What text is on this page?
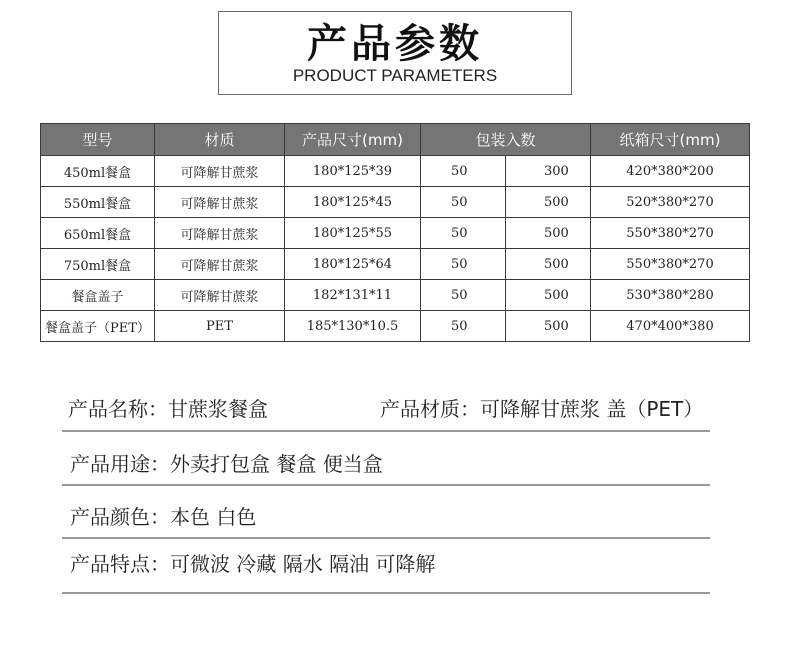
产品参数
PRODUCT PARAMETERS
型号	材质	产品尺寸(mm)	包装入数		纸箱尺寸(mm)
450ml餐盒	可降解甘蔗浆	180*125*39	50	300	420*380*200
550ml餐盒	可降解甘蔗浆	180*125*45	50	500	520*380*270
650ml餐盒	可降解甘蔗浆	180*125*55	50	500	550*380*270
750ml餐盒	可降解甘蔗浆	180*125*64	50	500	550*380*270
餐盒盖子	可降解甘蔗浆	182*131*11	50	500	530*380*280
餐盒盖子（PET）	PET	185*130*10.5	50	500	470*400*380
产品名称：甘蔗浆餐盒	产品材质：可降解甘蔗浆 盖（PET）
产品用途：外卖打包盒 餐盒 便当盒
产品颜色：本色 白色
产品特点：可微波 冷藏 隔水 隔油 可降解
